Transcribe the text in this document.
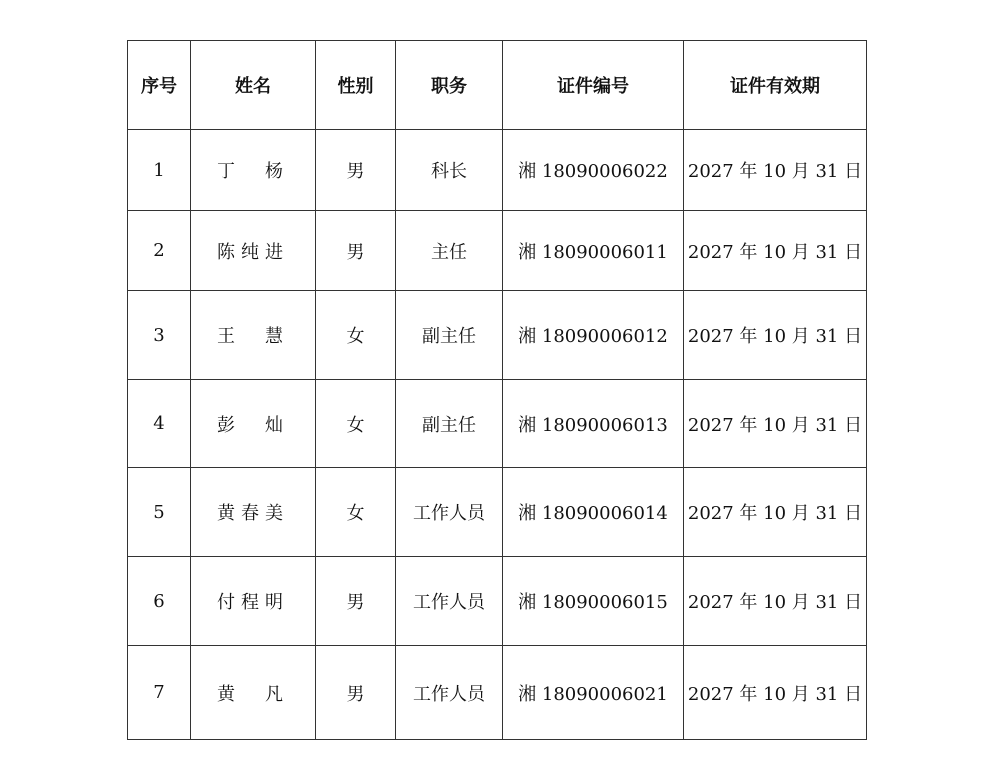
序号	姓名	性别	职务	证件编号	证件有效期
1	丁　杨	男	科长	湘 18090006022	2027 年 10 月 31 日
2	陈纯进	男	主任	湘 18090006011	2027 年 10 月 31 日
3	王　慧	女	副主任	湘 18090006012	2027 年 10 月 31 日
4	彭　灿	女	副主任	湘 18090006013	2027 年 10 月 31 日
5	黄春美	女	工作人员	湘 18090006014	2027 年 10 月 31 日
6	付程明	男	工作人员	湘 18090006015	2027 年 10 月 31 日
7	黄　凡	男	工作人员	湘 18090006021	2027 年 10 月 31 日
